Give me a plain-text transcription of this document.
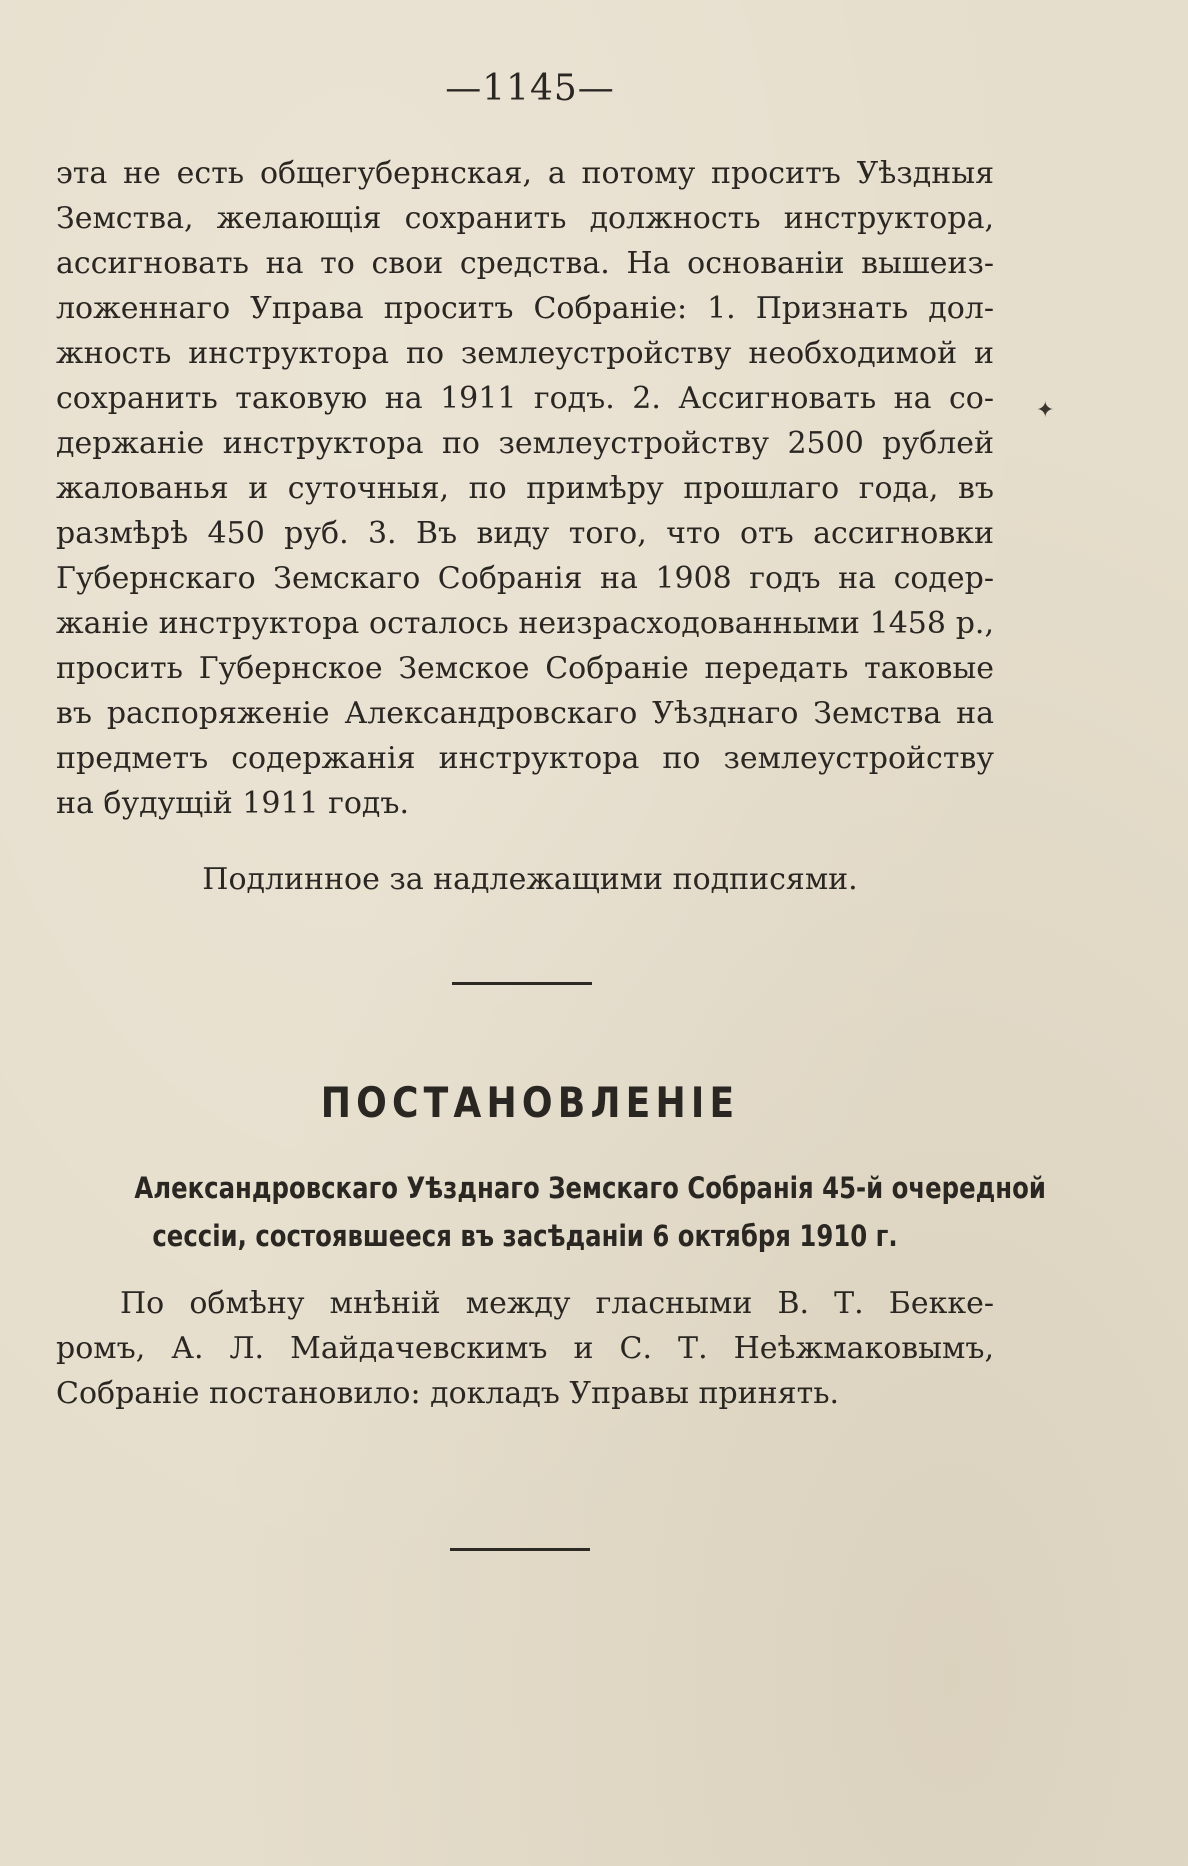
—1145—
эта не есть общегубернская, а потому проситъ Уѣздныя
Земства, желающія сохранить должность инструктора,
ассигновать на то свои средства. На основаніи вышеиз-
ложеннаго Управа проситъ Собраніе: 1. Признать дол-
жность инструктора по землеустройству необходимой и
сохранить таковую на 1911 годъ. 2. Ассигновать на со-
держаніе инструктора по землеустройству 2500 рублей
жалованья и суточныя, по примѣру прошлаго года, въ
размѣрѣ 450 руб. 3. Въ виду того, что отъ ассигновки
Губернскаго Земскаго Собранія на 1908 годъ на содер-
жаніе инструктора осталось неизрасходованными 1458 р.,
просить Губернское Земское Собраніе передать таковые
въ распоряженіе Александровскаго Уѣзднаго Земства на
предметъ содержанія инструктора по землеустройству
на будущій 1911 годъ.
✦
Подлинное за надлежащими подписями.
ПОСТАНОВЛЕНІЕ
Александровскаго Уѣзднаго Земскаго Собранія 45-й очередной
сессіи, состоявшееся въ засѣданіи 6 октября 1910 г.
По обмѣну мнѣній между гласными В. Т. Бекке-
ромъ, А. Л. Майдачевскимъ и С. Т. Неѣжмаковымъ,
Собраніе постановило: докладъ Управы принять.
